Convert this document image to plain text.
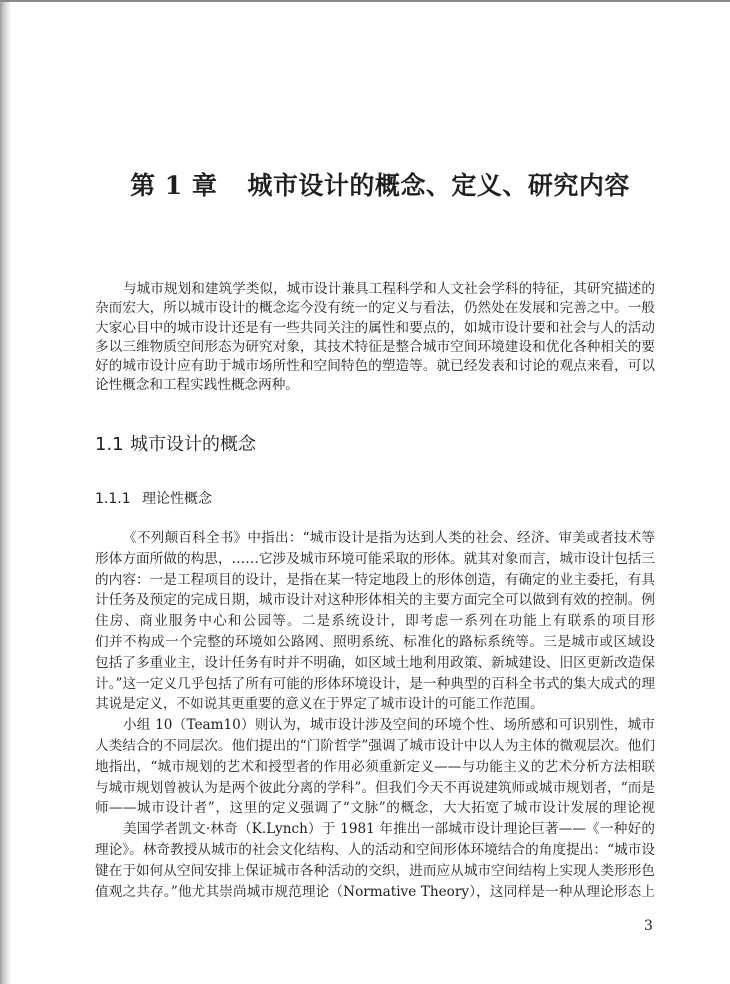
第 1 章 城市设计的概念、定义、研究内容
1.1 城市设计的概念
1.1.1 理论性概念
与城市规划和建筑学类似，城市设计兼具工程科学和人文社会学科的特征，其研究描述的
杂而宏大，所以城市设计的概念迄今没有统一的定义与看法，仍然处在发展和完善之中。一般
大家心目中的城市设计还是有一些共同关注的属性和要点的，如城市设计要和社会与人的活动
多以三维物质空间形态为研究对象，其技术特征是整合城市空间环境建设和优化各种相关的要
好的城市设计应有助于城市场所性和空间特色的塑造等。就已经发表和讨论的观点来看，可以
论性概念和工程实践性概念两种。
《不列颠百科全书》中指出：“城市设计是指为达到人类的社会、经济、审美或者技术等
形体方面所做的构思，……它涉及城市环境可能采取的形体。就其对象而言，城市设计包括三
的内容：一是工程项目的设计，是指在某一特定地段上的形体创造，有确定的业主委托，有具
计任务及预定的完成日期，城市设计对这种形体相关的主要方面完全可以做到有效的控制。例
住房、商业服务中心和公园等。二是系统设计，即考虑一系列在功能上有联系的项目形
们并不构成一个完整的环境如公路网、照明系统、标准化的路标系统等。三是城市或区域设
包括了多重业主，设计任务有时并不明确，如区域土地利用政策、新城建设、旧区更新改造保
计。”这一定义几乎包括了所有可能的形体环境设计，是一种典型的百科全书式的集大成式的理
其说是定义，不如说其更重要的意义在于界定了城市设计的可能工作范围。
小组 10（Team10）则认为，城市设计涉及空间的环境个性、场所感和可识别性，城市
人类结合的不同层次。他们提出的“门阶哲学”强调了城市设计中以人为主体的微观层次。他们
地指出，“城市规划的艺术和授型者的作用必须重新定义——与功能主义的艺术分析方法相联
与城市规划曾被认为是两个彼此分离的学科”。但我们今天不再说建筑师或城市规划者，“而是
师——城市设计者”，这里的定义强调了“文脉”的概念，大大拓宽了城市设计发展的理论视
美国学者凯文·林奇（K.Lynch）于 1981 年推出一部城市设计理论巨著——《一种好的
理论》。林奇教授从城市的社会文化结构、人的活动和空间形体环境结合的角度提出：“城市设
键在于如何从空间安排上保证城市各种活动的交织，进而应从城市空间结构上实现人类形形色
值观之共存。”他尤其崇尚城市规范理论（Normative Theory），这同样是一种从理论形态上
3
